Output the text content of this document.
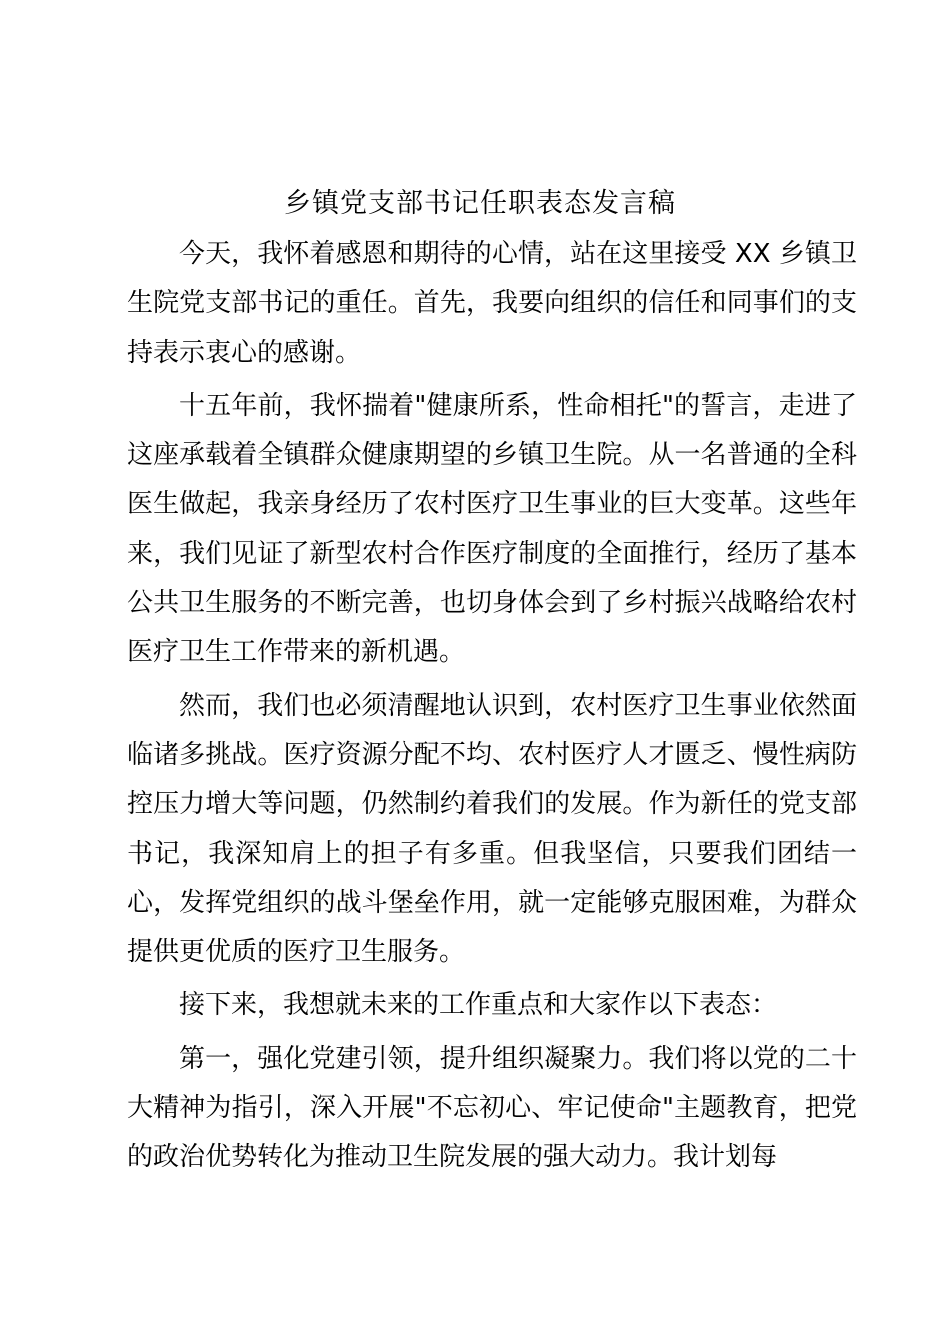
乡镇党支部书记任职表态发言稿

今天，我怀着感恩和期待的心情，站在这里接受 XX 乡镇卫生院党支部书记的重任。首先，我要向组织的信任和同事们的支持表示衷心的感谢。

十五年前，我怀揣着"健康所系，性命相托"的誓言，走进了这座承载着全镇群众健康期望的乡镇卫生院。从一名普通的全科医生做起，我亲身经历了农村医疗卫生事业的巨大变革。这些年来，我们见证了新型农村合作医疗制度的全面推行，经历了基本公共卫生服务的不断完善，也切身体会到了乡村振兴战略给农村医疗卫生工作带来的新机遇。

然而，我们也必须清醒地认识到，农村医疗卫生事业依然面临诸多挑战。医疗资源分配不均、农村医疗人才匮乏、慢性病防控压力增大等问题，仍然制约着我们的发展。作为新任的党支部书记，我深知肩上的担子有多重。但我坚信，只要我们团结一心，发挥党组织的战斗堡垒作用，就一定能够克服困难，为群众提供更优质的医疗卫生服务。

接下来，我想就未来的工作重点和大家作以下表态：

第一，强化党建引领，提升组织凝聚力。我们将以党的二十大精神为指引，深入开展"不忘初心、牢记使命"主题教育，把党的政治优势转化为推动卫生院发展的强大动力。我计划每
